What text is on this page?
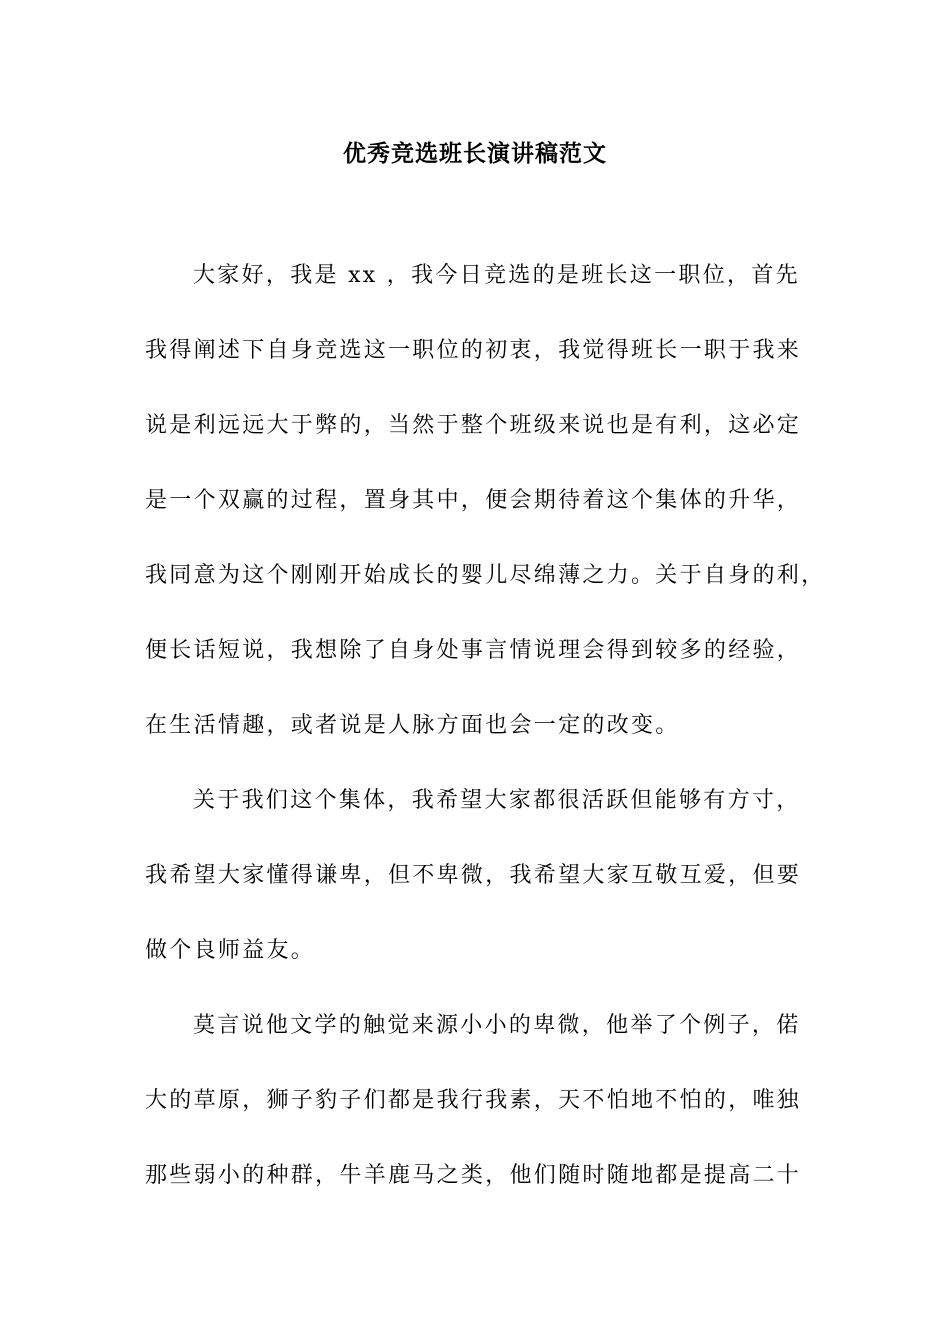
优秀竞选班长演讲稿范文
大家好，我是 xx ，我今日竞选的是班长这一职位，首先
我得阐述下自身竞选这一职位的初衷，我觉得班长一职于我来
说是利远远大于弊的，当然于整个班级来说也是有利，这必定
是一个双赢的过程，置身其中，便会期待着这个集体的升华，
我同意为这个刚刚开始成长的婴儿尽绵薄之力。关于自身的利，
便长话短说，我想除了自身处事言情说理会得到较多的经验，
在生活情趣，或者说是人脉方面也会一定的改变。
关于我们这个集体，我希望大家都很活跃但能够有方寸，
我希望大家懂得谦卑，但不卑微，我希望大家互敬互爱，但要
做个良师益友。
莫言说他文学的触觉来源小小的卑微，他举了个例子，偌
大的草原，狮子豹子们都是我行我素，天不怕地不怕的，唯独
那些弱小的种群，牛羊鹿马之类，他们随时随地都是提高二十
